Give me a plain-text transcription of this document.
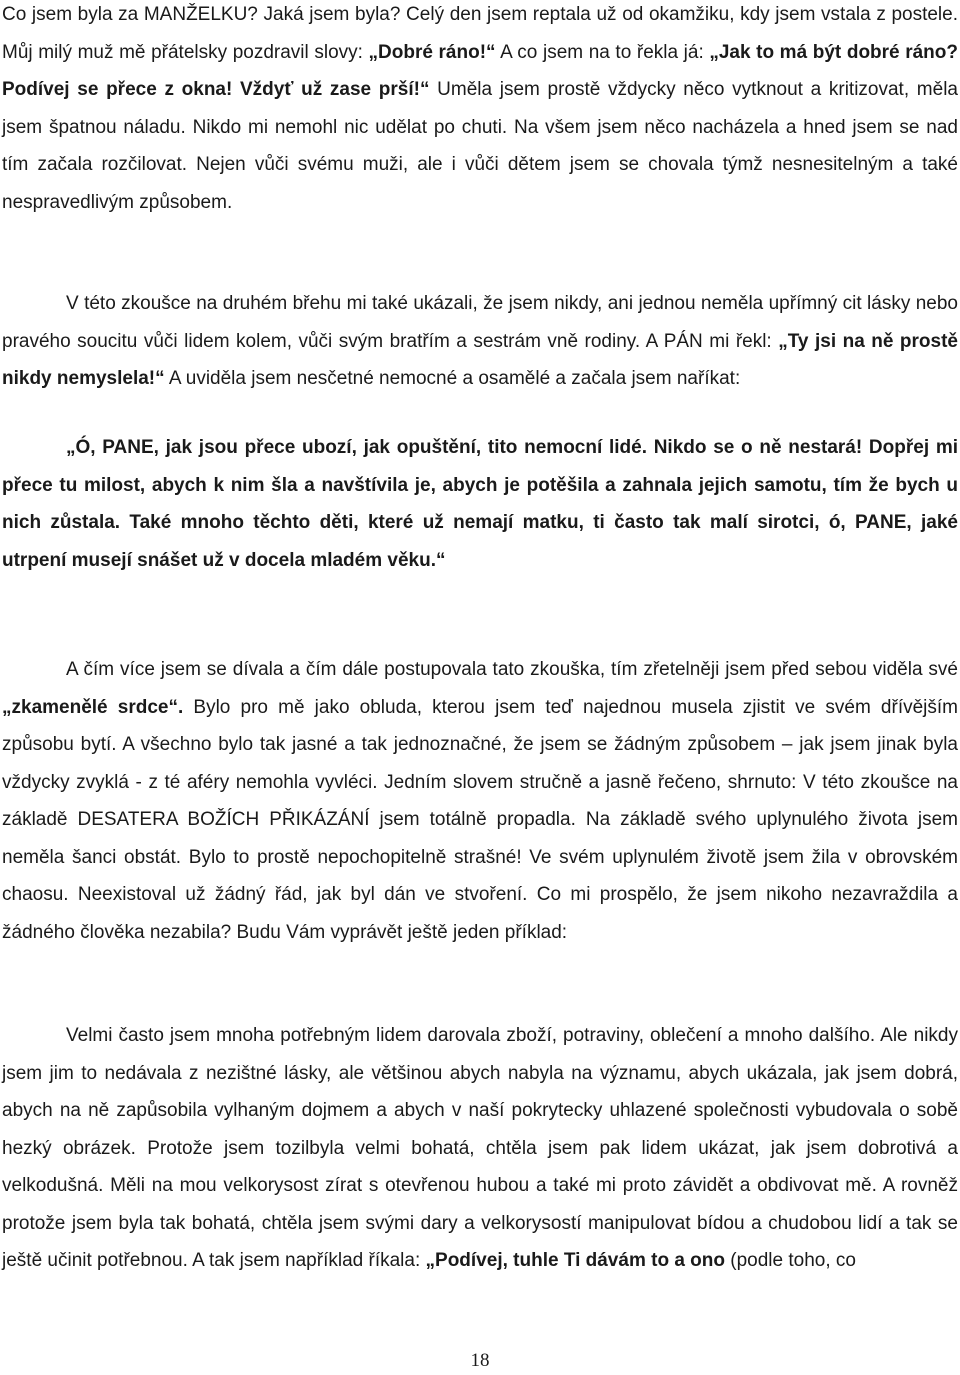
Co jsem byla za MANŽELKU? Jaká jsem byla? Celý den jsem reptala už od okamžiku, kdy jsem vstala z postele. Můj milý muž mě přátelsky pozdravil slovy: „Dobré ráno!“ A co jsem na to řekla já: „Jak to má být dobré ráno? Podívej se přece z okna! Vždyť už zase prší!“ Uměla jsem prostě vždycky něco vytknout a kritizovat, měla jsem špatnou náladu. Nikdo mi nemohl nic udělat po chuti. Na všem jsem něco nacházela a hned jsem se nad tím začala rozčilovat. Nejen vůči svému muži, ale i vůči dětem jsem se chovala týmž nesnesitelným a také nespravedlivým způsobem.

V této zkoušce na druhém břehu mi také ukázali, že jsem nikdy, ani jednou neměla upřímný cit lásky nebo pravého soucitu vůči lidem kolem, vůči svým bratřím a sestrám vně rodiny. A PÁN mi řekl: „Ty jsi na ně prostě nikdy nemyslela!“ A uviděla jsem nesčetné nemocné a osamělé a začala jsem naříkat:

„Ó, PANE, jak jsou přece ubozí, jak opuštění, tito nemocní lidé. Nikdo se o ně nestará! Dopřej mi přece tu milost, abych k nim šla a navštívila je, abych je potěšila a zahnala jejich samotu, tím že bych u nich zůstala. Také mnoho těchto děti, které už nemají matku, ti často tak malí sirotci, ó, PANE, jaké utrpení musejí snášet už v docela mladém věku.“

A čím více jsem se dívala a čím dále postupovala tato zkouška, tím zřetelněji jsem před sebou viděla své „zkamenělé srdce“. Bylo pro mě jako obluda, kterou jsem teď najednou musela zjistit ve svém dřívějším způsobu bytí. A všechno bylo tak jasné a tak jednoznačné, že jsem se žádným způsobem – jak jsem jinak byla vždycky zvyklá - z té aféry nemohla vyvléci. Jedním slovem stručně a jasně řečeno, shrnuto: V této zkoušce na základě DESATERA BOŽÍCH PŘIKÁZÁNÍ jsem totálně propadla. Na základě svého uplynulého života jsem neměla šanci obstát. Bylo to prostě nepochopitelně strašné! Ve svém uplynulém životě jsem žila v obrovském chaosu. Neexistoval už žádný řád, jak byl dán ve stvoření. Co mi prospělo, že jsem nikoho nezavraždila a žádného člověka nezabila? Budu Vám vyprávět ještě jeden příklad:

Velmi často jsem mnoha potřebným lidem darovala zboží, potraviny, oblečení a mnoho dalšího. Ale nikdy jsem jim to nedávala z nezištné lásky, ale většinou abych nabyla na významu, abych ukázala, jak jsem dobrá, abych na ně zapůsobila vylhaným dojmem a abych v naší pokrytecky uhlazené společnosti vybudovala o sobě hezký obrázek. Protože jsem tozilbyla velmi bohatá, chtěla jsem pak lidem ukázat, jak jsem dobrotivá a velkodušná. Měli na mou velkorysost zírat s otevřenou hubou a také mi proto závidět a obdivovat mě. A rovněž protože jsem byla tak bohatá, chtěla jsem svými dary a velkorysostí manipulovat bídou a chudobou lidí a tak se ještě učinit potřebnou. A tak jsem například říkala: „Podívej, tuhle Ti dávám to a ono (podle toho, co

18
